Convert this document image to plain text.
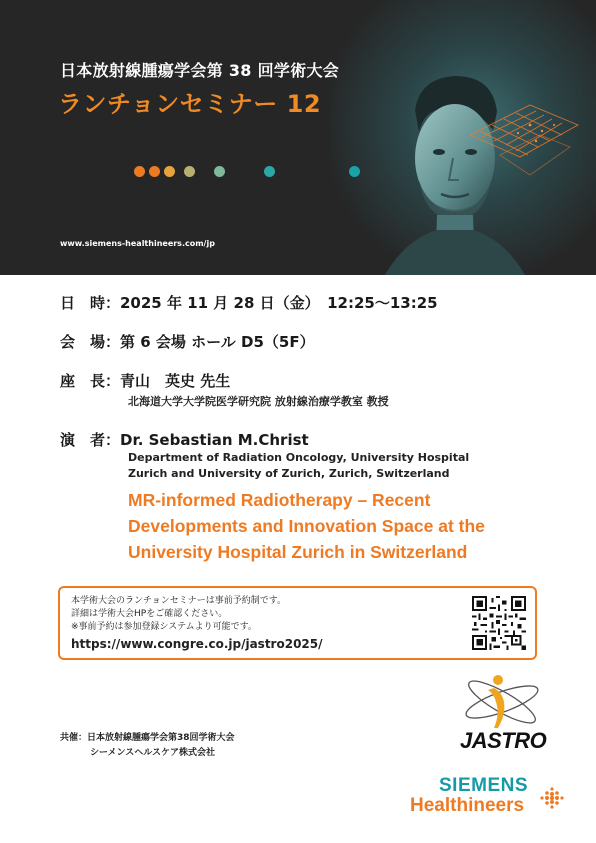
日本放射線腫瘍学会第 38 回学術大会
ランチョンセミナー 12
www.siemens-healthineers.com/jp
日　時：2025 年 11 月 28 日（金）　12:25～13:25
会　場：第 6 会場 ホール D5（5F）
座　長：青山　英史 先生
北海道大学大学院医学研究院 放射線治療学教室 教授
演　者：Dr. Sebastian M.Christ
Department of Radiation Oncology, University Hospital
Zurich and University of Zurich, Zurich, Switzerland
MR-informed Radiotherapy – Recent
Developments and Innovation Space at the
University Hospital Zurich in Switzerland
本学術大会のランチョンセミナーは事前予約制です。
詳細は学術大会HPをご確認ください。
※事前予約は参加登録システムより可能です。
https://www.congre.co.jp/jastro2025/
共催：日本放射線腫瘍学会第38回学術大会
シーメンスヘルスケア株式会社	JASTRO
SIEMENS
Healthineers
